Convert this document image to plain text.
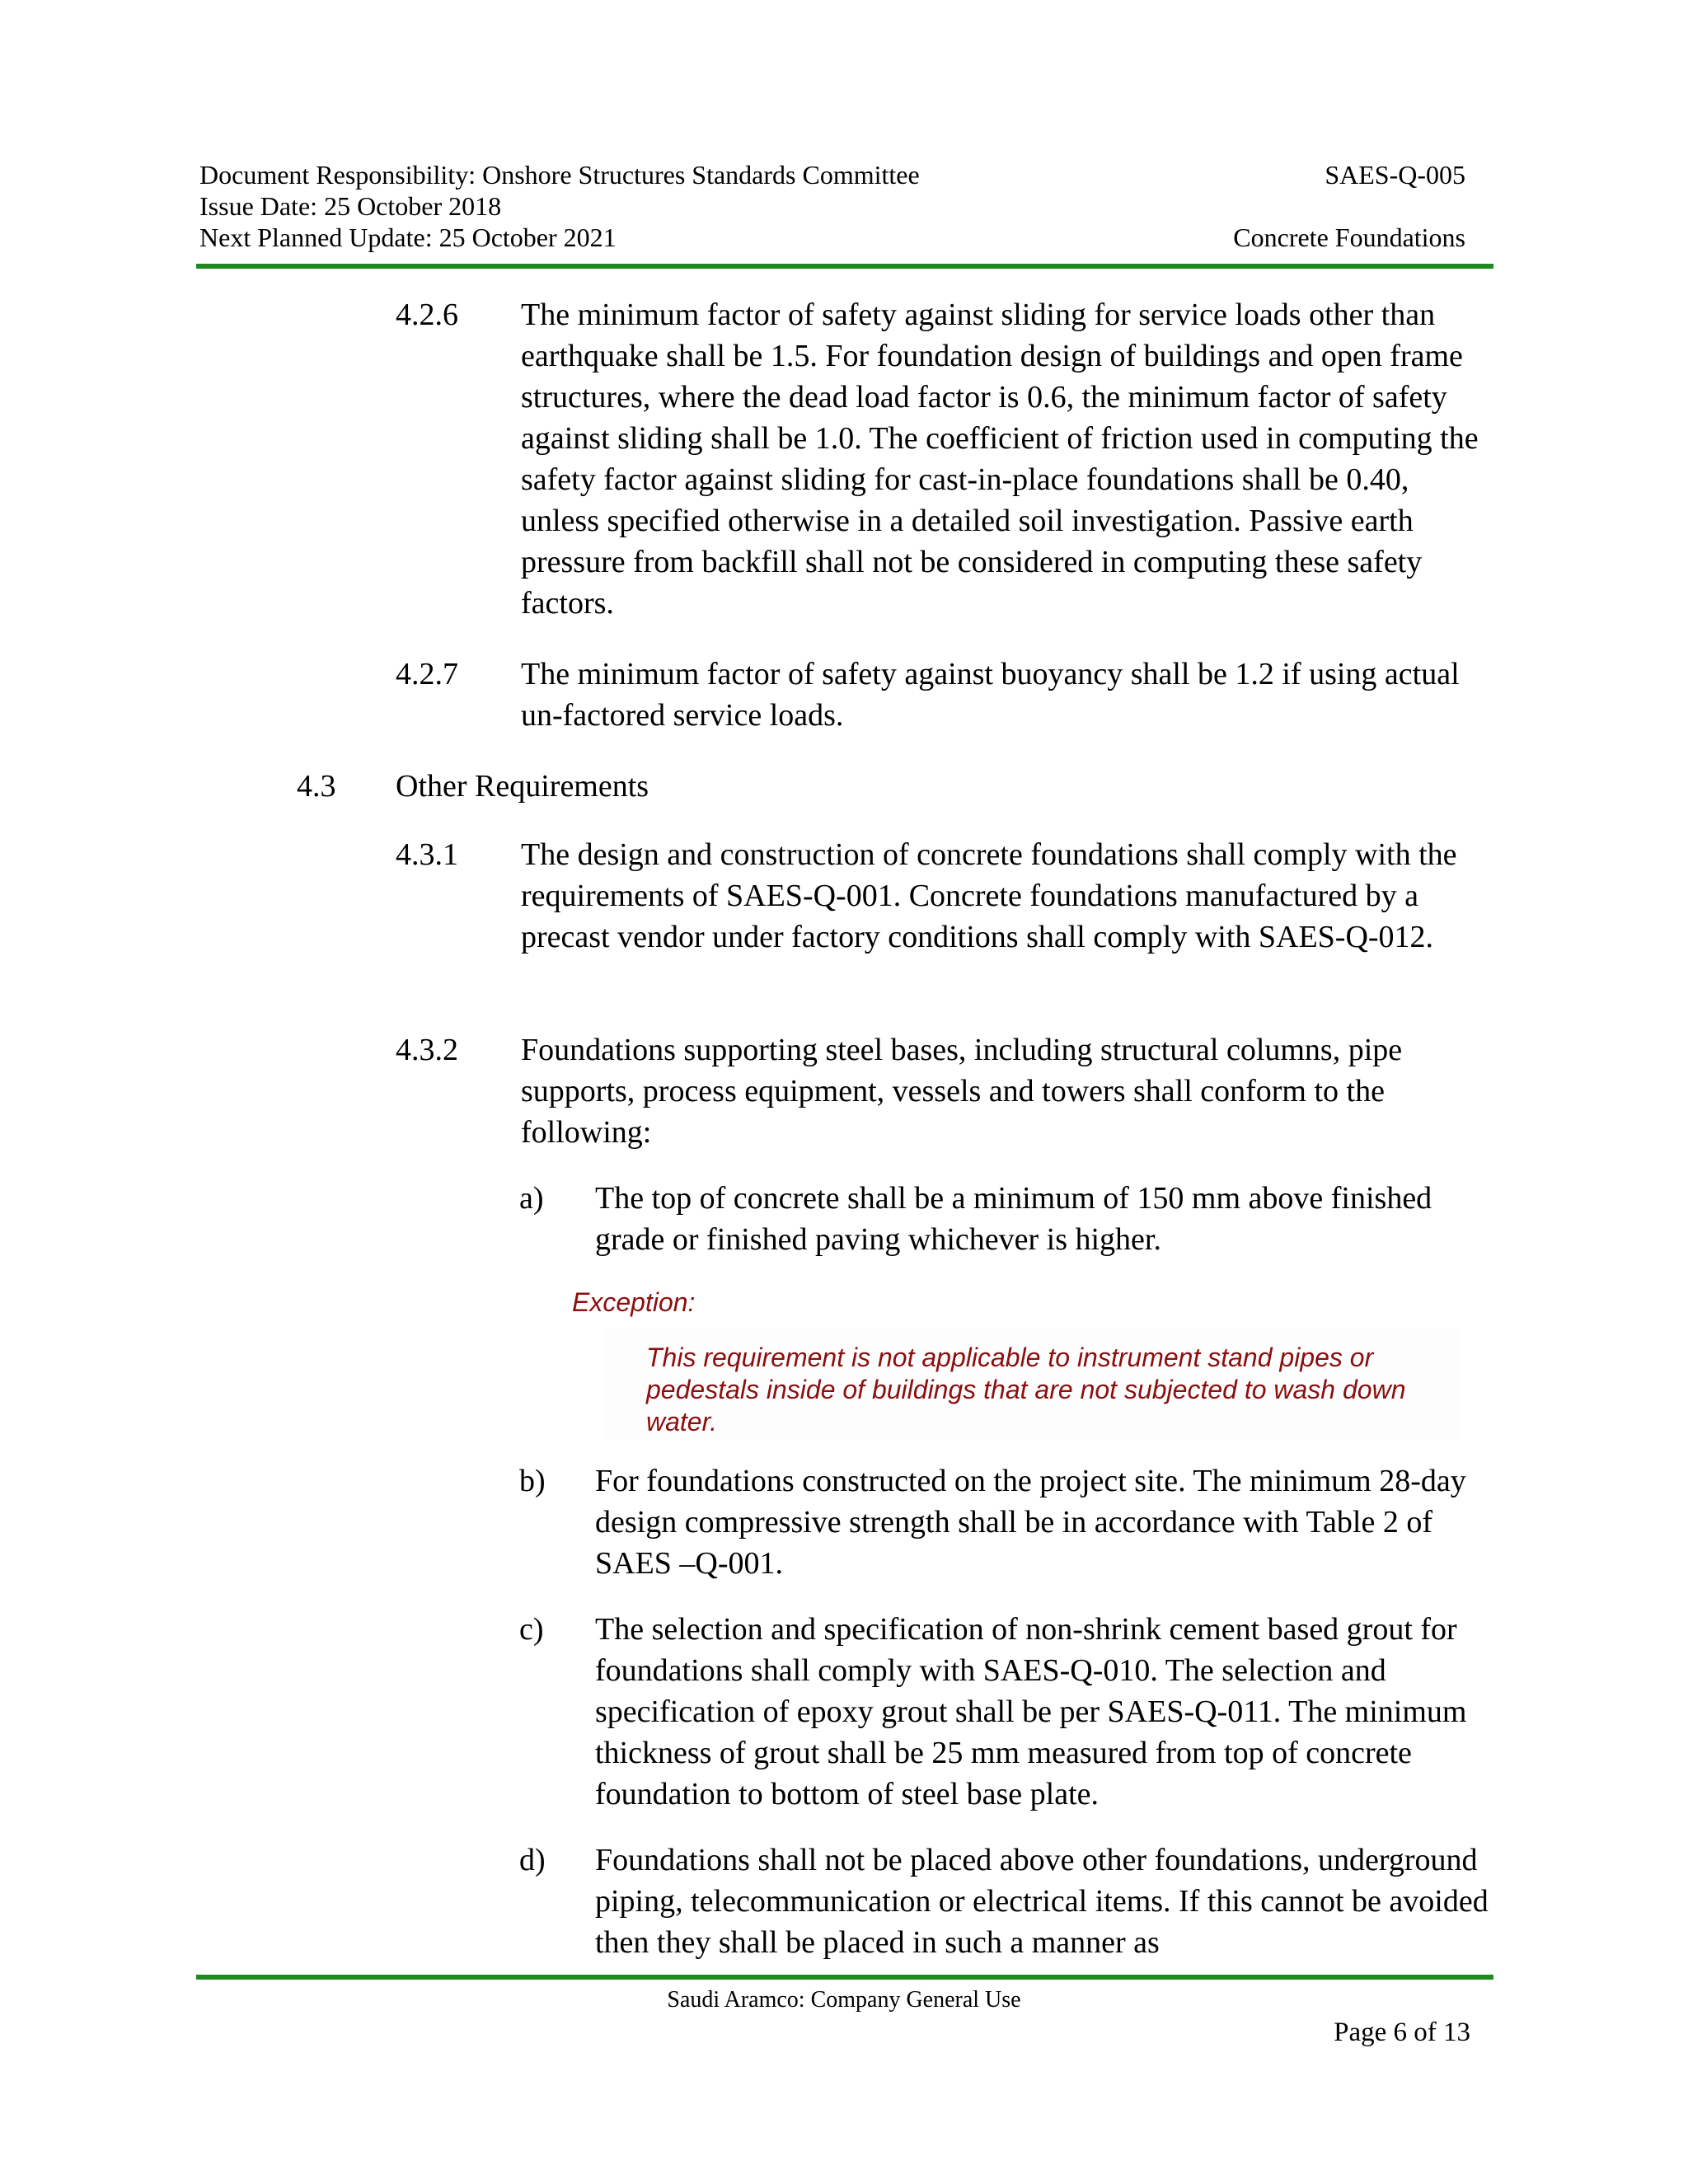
Document Responsibility: Onshore Structures Standards Committee
Issue Date: 25 October 2018
Next Planned Update: 25 October 2021
SAES-Q-005
Concrete Foundations
4.2.6 The minimum factor of safety against sliding for service loads other than earthquake shall be 1.5. For foundation design of buildings and open frame structures, where the dead load factor is 0.6, the minimum factor of safety against sliding shall be 1.0. The coefficient of friction used in computing the safety factor against sliding for cast-in-place foundations shall be 0.40, unless specified otherwise in a detailed soil investigation. Passive earth pressure from backfill shall not be considered in computing these safety factors.
4.2.7 The minimum factor of safety against buoyancy shall be 1.2 if using actual un-factored service loads.
4.3 Other Requirements
4.3.1 The design and construction of concrete foundations shall comply with the requirements of SAES-Q-001. Concrete foundations manufactured by a precast vendor under factory conditions shall comply with SAES-Q-012.
4.3.2 Foundations supporting steel bases, including structural columns, pipe supports, process equipment, vessels and towers shall conform to the following:
a) The top of concrete shall be a minimum of 150 mm above finished grade or finished paving whichever is higher.
Exception:
This requirement is not applicable to instrument stand pipes or pedestals inside of buildings that are not subjected to wash down water.
b) For foundations constructed on the project site. The minimum 28-day design compressive strength shall be in accordance with Table 2 of SAES –Q-001.
c) The selection and specification of non-shrink cement based grout for foundations shall comply with SAES-Q-010. The selection and specification of epoxy grout shall be per SAES-Q-011. The minimum thickness of grout shall be 25 mm measured from top of concrete foundation to bottom of steel base plate.
d) Foundations shall not be placed above other foundations, underground piping, telecommunication or electrical items. If this cannot be avoided then they shall be placed in such a manner as
Saudi Aramco: Company General Use
Page 6 of 13
